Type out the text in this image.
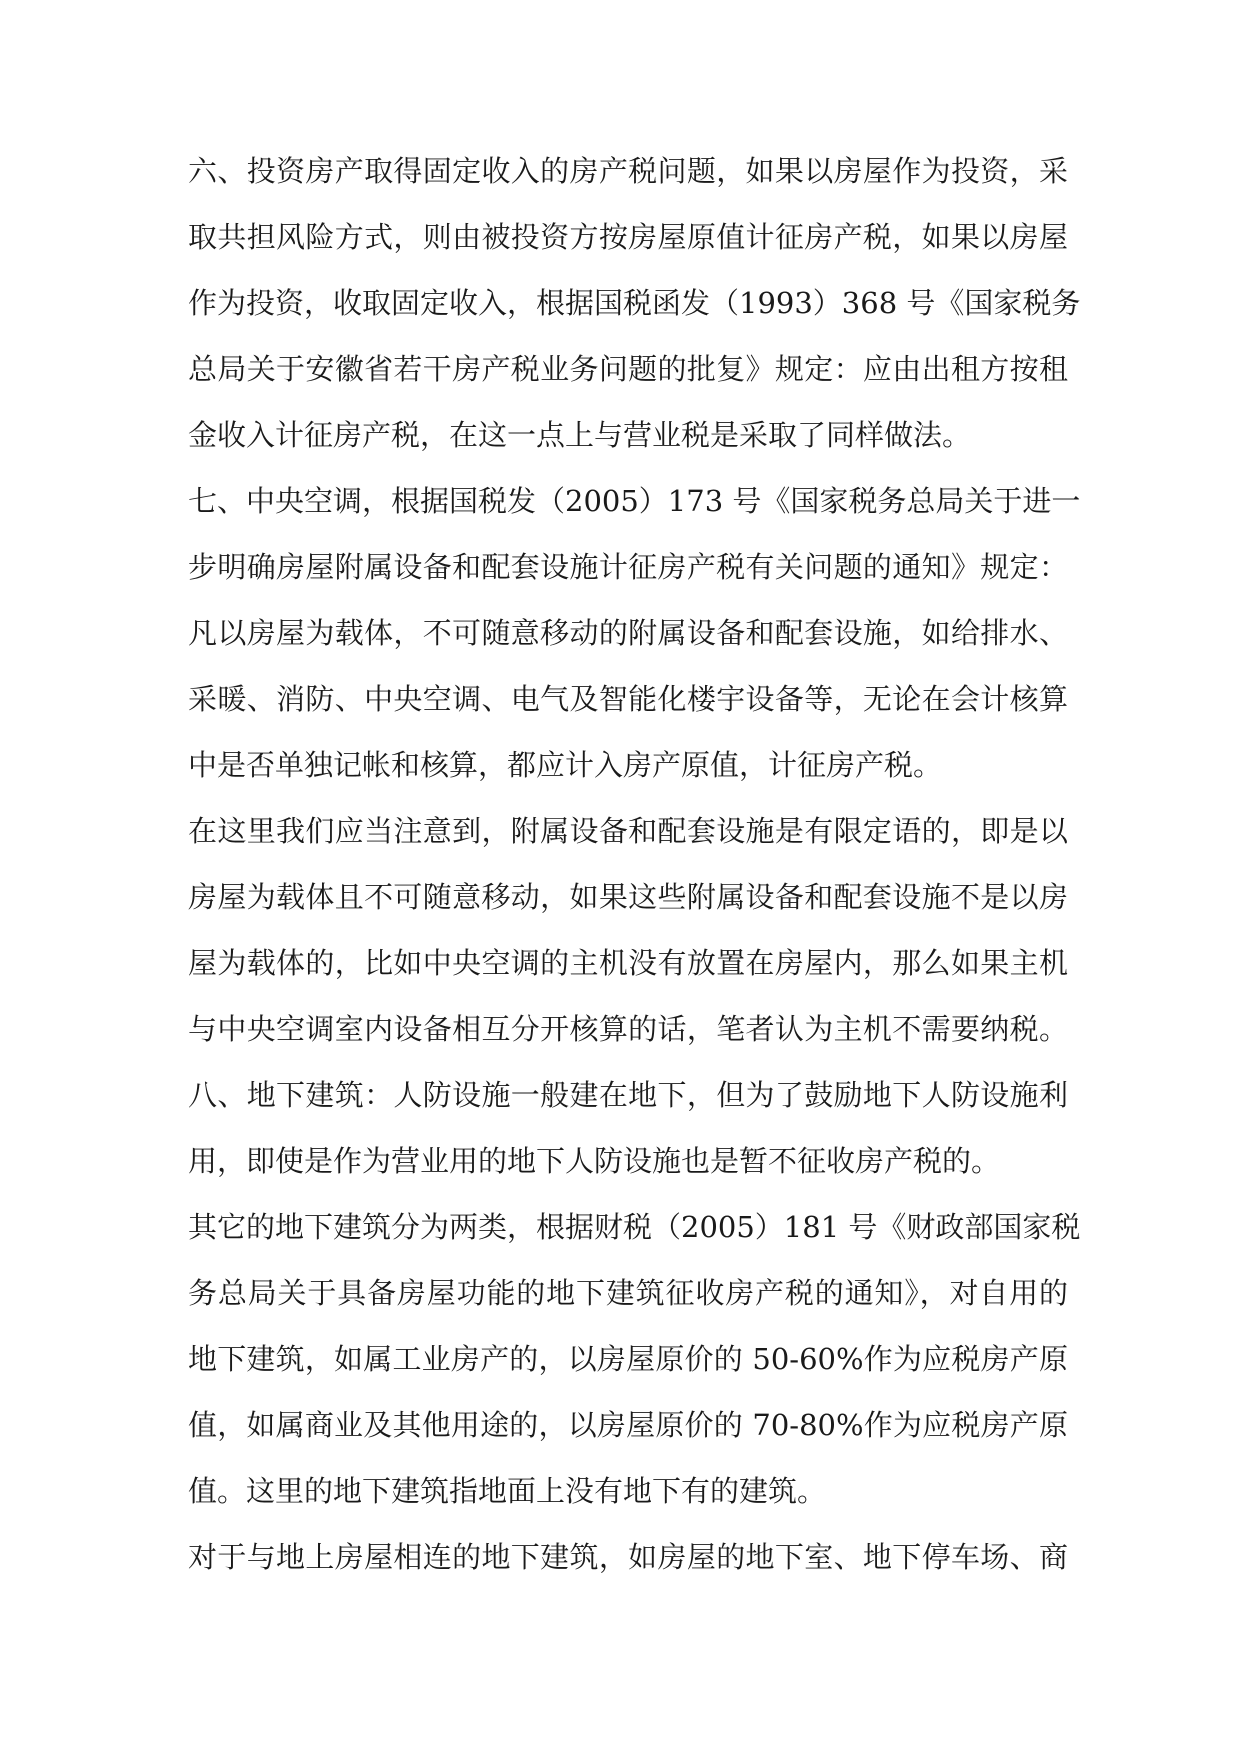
六、投资房产取得固定收入的房产税问题，如果以房屋作为投资，采
取共担风险方式，则由被投资方按房屋原值计征房产税，如果以房屋
作为投资，收取固定收入，根据国税函发（1993）368 号《国家税务
总局关于安徽省若干房产税业务问题的批复》规定：应由出租方按租
金收入计征房产税，在这一点上与营业税是采取了同样做法。
七、中央空调，根据国税发（2005）173 号《国家税务总局关于进一
步明确房屋附属设备和配套设施计征房产税有关问题的通知》规定：
凡以房屋为载体，不可随意移动的附属设备和配套设施，如给排水、
采暖、消防、中央空调、电气及智能化楼宇设备等，无论在会计核算
中是否单独记帐和核算，都应计入房产原值，计征房产税。
在这里我们应当注意到，附属设备和配套设施是有限定语的，即是以
房屋为载体且不可随意移动，如果这些附属设备和配套设施不是以房
屋为载体的，比如中央空调的主机没有放置在房屋内，那么如果主机
与中央空调室内设备相互分开核算的话，笔者认为主机不需要纳税。
八、地下建筑：人防设施一般建在地下，但为了鼓励地下人防设施利
用，即使是作为营业用的地下人防设施也是暂不征收房产税的。
其它的地下建筑分为两类，根据财税（2005）181 号《财政部国家税
务总局关于具备房屋功能的地下建筑征收房产税的通知》，对自用的
地下建筑，如属工业房产的，以房屋原价的 50-60%作为应税房产原
值，如属商业及其他用途的，以房屋原价的 70-80%作为应税房产原
值。这里的地下建筑指地面上没有地下有的建筑。
对于与地上房屋相连的地下建筑，如房屋的地下室、地下停车场、商
